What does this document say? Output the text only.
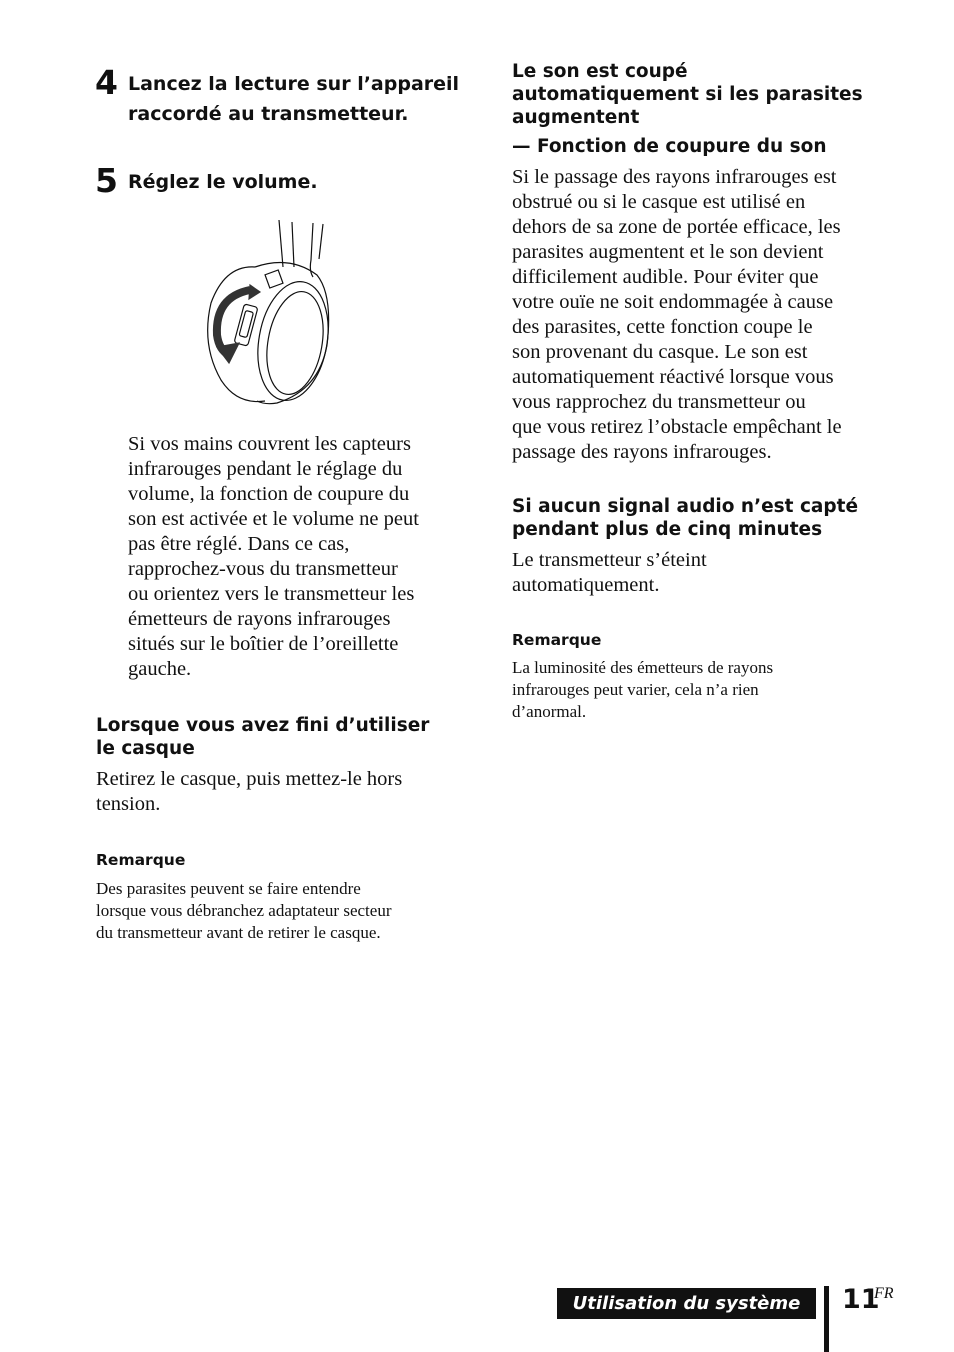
4 Lancez la lecture sur l’appareil
raccordé au transmetteur.
5 Réglez le volume.
Si vos mains couvrent les capteurs
infrarouges pendant le réglage du
volume, la fonction de coupure du
son est activée et le volume ne peut
pas être réglé. Dans ce cas,
rapprochez-vous du transmetteur
ou orientez vers le transmetteur les
émetteurs de rayons infrarouges
situés sur le boîtier de l’oreillette
gauche.
Lorsque vous avez fini d’utiliser
le casque
Retirez le casque, puis mettez-le hors
tension.
Remarque
Des parasites peuvent se faire entendre
lorsque vous débranchez adaptateur secteur
du transmetteur avant de retirer le casque.
Le son est coupé
automatiquement si les parasites
augmentent
— Fonction de coupure du son
Si le passage des rayons infrarouges est
obstrué ou si le casque est utilisé en
dehors de sa zone de portée efficace, les
parasites augmentent et le son devient
difficilement audible. Pour éviter que
votre ouïe ne soit endommagée à cause
des parasites, cette fonction coupe le
son provenant du casque. Le son est
automatiquement réactivé lorsque vous
vous rapprochez du transmetteur ou
que vous retirez l’obstacle empêchant le
passage des rayons infrarouges.
Si aucun signal audio n’est capté
pendant plus de cinq minutes
Le transmetteur s’éteint
automatiquement.
Remarque
La luminosité des émetteurs de rayons
infrarouges peut varier, cela n’a rien
d’anormal.
Utilisation du système	11
FR
